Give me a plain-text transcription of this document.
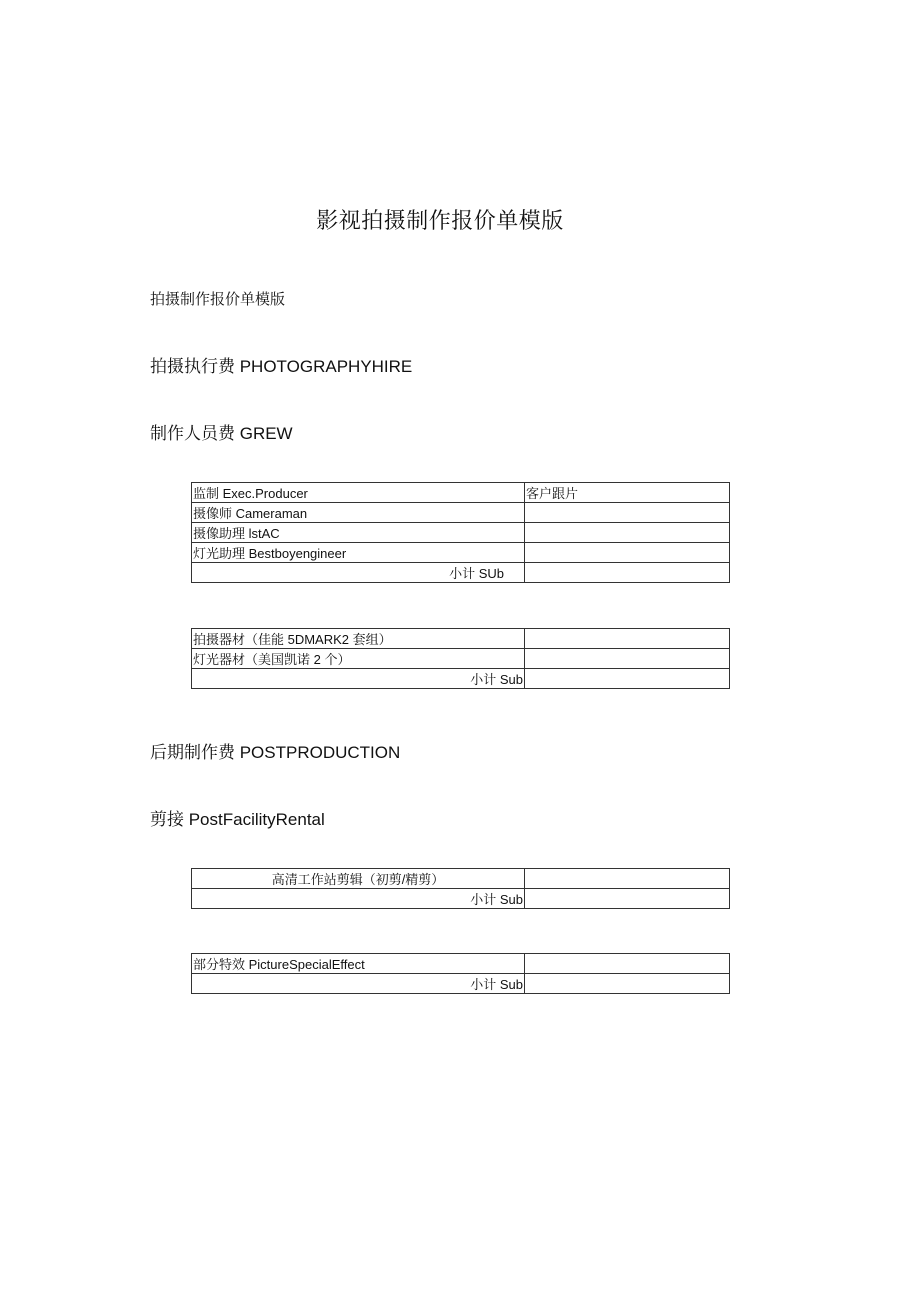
影视拍摄制作报价单模版
拍摄制作报价单模版
拍摄执行费 PHOTOGRAPHYHIRE
制作人员费 GREW
监制 Exec.Producer	客户跟片
摄像师 Cameraman	
摄像助理 lstAC	
灯光助理 Bestboyengineer	
小计 SUb	
拍摄器材（佳能 5DMARK2 套组）	
灯光器材（美国凯诺 2 个）	
小计 Sub	
后期制作费 POSTPRODUCTION
剪接 PostFacilityRental
高清工作站剪辑（初剪/精剪）	
小计 Sub	
部分特效 PictureSpecialEffect	
小计 Sub	
